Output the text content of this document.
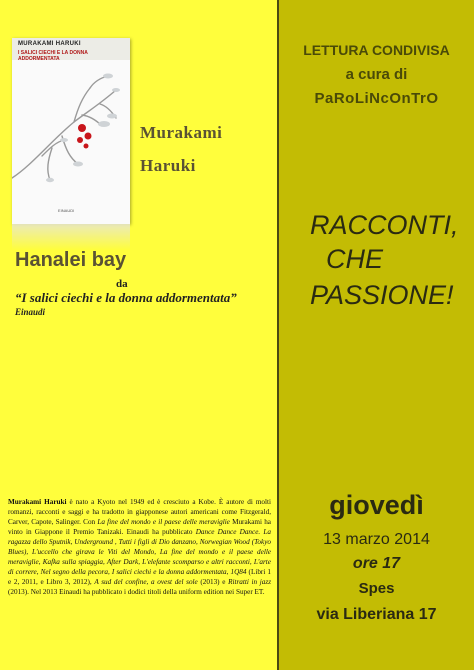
MURAKAMI HARUKI
I SALICI CIECHI E LA DONNA ADDORMENTATA
EINAUDI
Murakami
Haruki
Hanalei bay
da
“I salici ciechi e la donna addormentata”
Einaudi
Murakami Haruki è nato a Kyoto nel 1949 ed è cresciuto a Kobe. È autore di molti romanzi, racconti e saggi e ha tradotto in giapponese autori americani come Fitzgerald, Carver, Capote, Salinger. Con La fine del mondo e il paese delle meraviglie Murakami ha vinto in Giappone il Premio Tanizaki. Einaudi ha pubblicato Dance Dance Dance. La ragazza dello Sputnik, Underground , Tutti i figli di Dio danzano, Norwegian Wood (Tokyo Blues), L'uccello che girava le Viti del Mondo, La fine del mondo e il paese delle meraviglie, Kafka sulla spiaggia, After Dark, L'elefante scomparso e altri racconti, L'arte di correre, Nel segno della pecora, I salici ciechi e la donna addormentata, 1Q84 (Libri 1 e 2, 2011, e Libro 3, 2012), A sud del confine, a ovest del sole (2013) e Ritratti in jazz (2013). Nel 2013 Einaudi ha pubblicato i dodici titoli della uniform edition nei Super ET.
LETTURA CONDIVISA
a cura di
PaRoLiNcOnTrO
RACCONTI,
CHE
PASSIONE!
giovedì
13 marzo 2014
ore 17
Spes
via Liberiana 17
